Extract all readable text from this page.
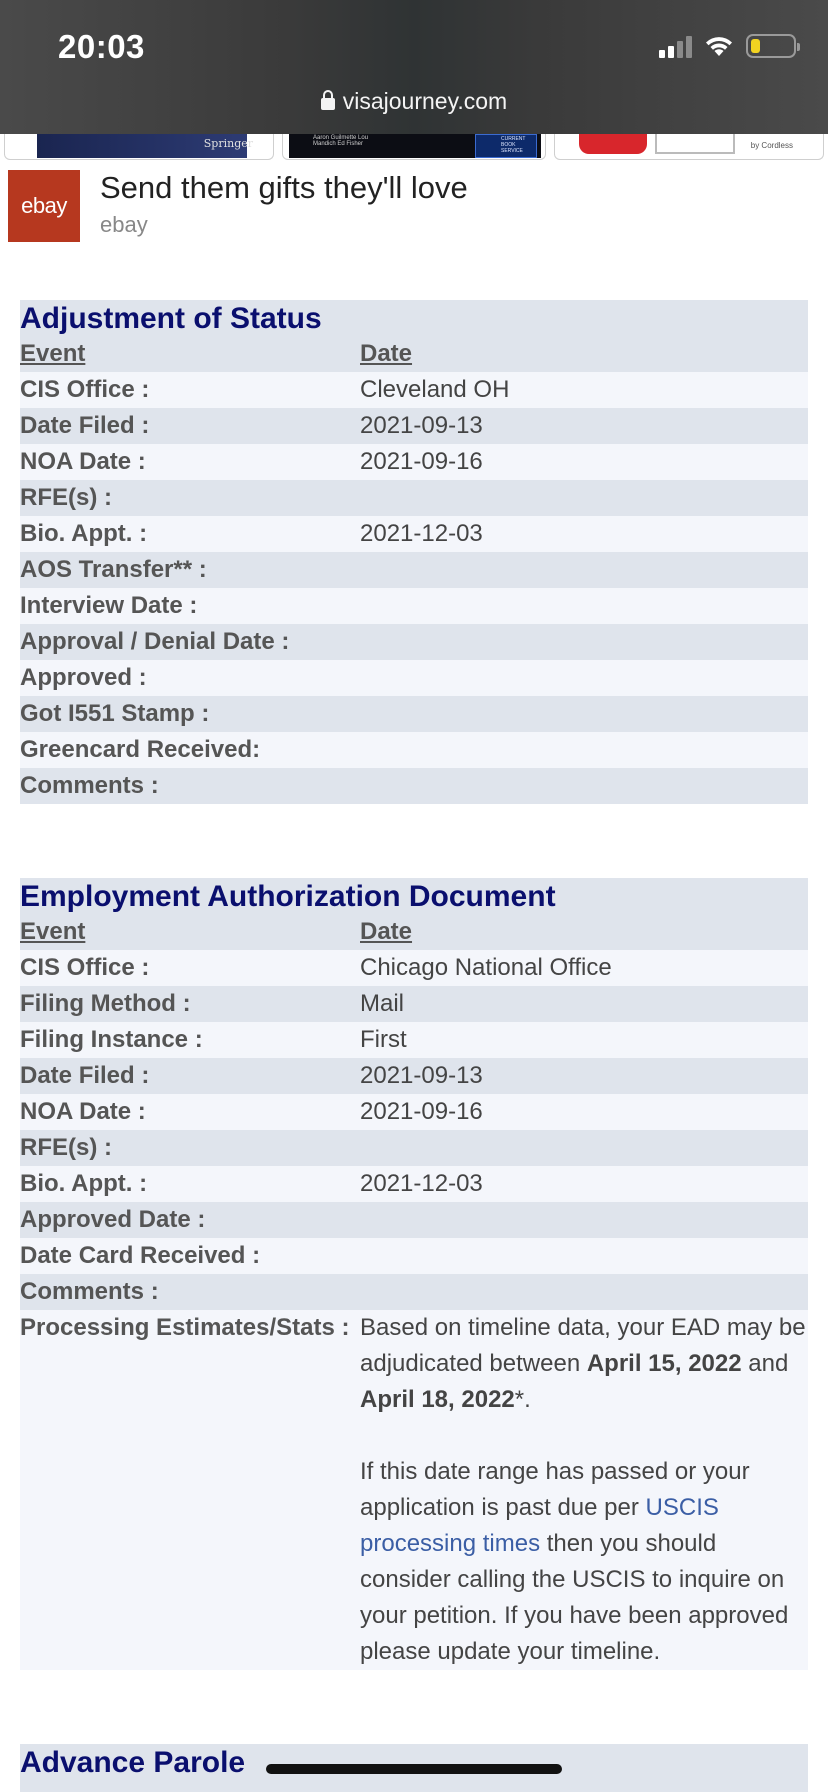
20:03
visajourney.com
Springer	Aaron Guilmette Lou Mandich Ed Fisher
CURRENT BOOK SERVICE
by Cordless
ebay
Send them gifts they'll love
ebay
Adjustment of Status
Event	Date
CIS Office :	Cleveland OH
Date Filed :	2021-09-13
NOA Date :	2021-09-16
RFE(s) :
Bio. Appt. :	2021-12-03
AOS Transfer** :
Interview Date :
Approval / Denial Date :
Approved :
Got I551 Stamp :
Greencard Received:
Comments :
Employment Authorization Document
Event	Date
CIS Office :	Chicago National Office
Filing Method :	Mail
Filing Instance :	First
Date Filed :	2021-09-13
NOA Date :	2021-09-16
RFE(s) :
Bio. Appt. :	2021-12-03
Approved Date :
Date Card Received :
Comments :
Processing Estimates/Stats : Based on timeline data, your EAD may be adjudicated between April 15, 2022 and April 18, 2022*.
If this date range has passed or your application is past due per USCIS processing times then you should consider calling the USCIS to inquire on your petition. If you have been approved please update your timeline.
Advance Parole
